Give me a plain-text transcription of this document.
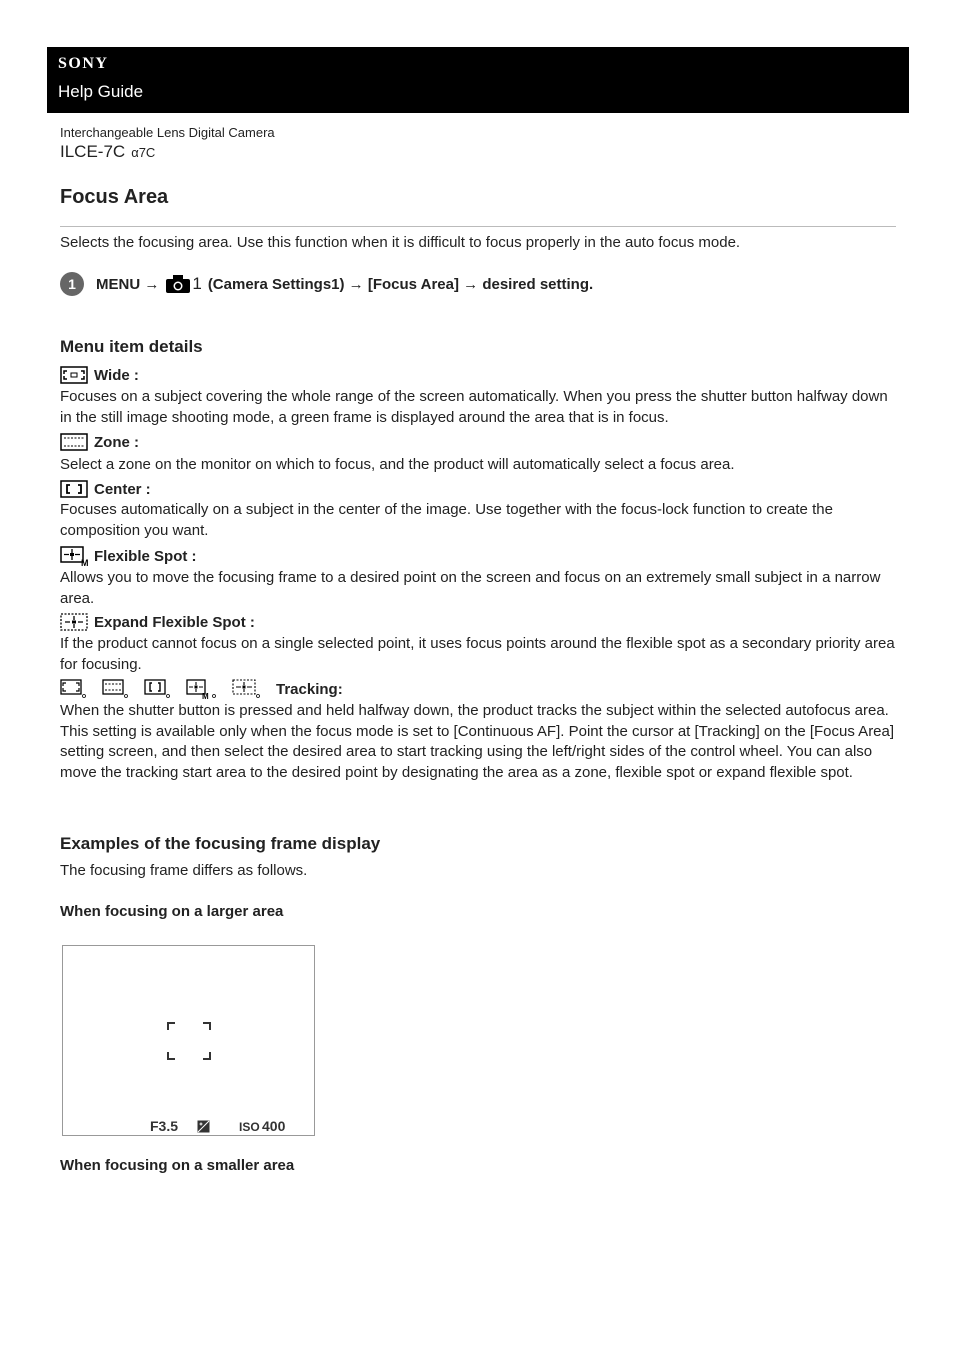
SONY
Help Guide
Interchangeable Lens Digital Camera
ILCE-7C α7C
Focus Area
Selects the focusing area. Use this function when it is difficult to focus properly in the auto focus mode.
1	MENU → 1 (Camera Settings1) → [Focus Area] → desired setting.
Menu item details
Wide :
Focuses on a subject covering the whole range of the screen automatically. When you press the shutter button halfway down in the still image shooting mode, a green frame is displayed around the area that is in focus.
Zone :
Select a zone on the monitor on which to focus, and the product will automatically select a focus area.
Center :
Focuses automatically on a subject in the center of the image. Use together with the focus-lock function to create the composition you want.
M Flexible Spot :
Allows you to move the focusing frame to a desired point on the screen and focus on an extremely small subject in a narrow area.
Expand Flexible Spot :
If the product cannot focus on a single selected point, it uses focus points around the flexible spot as a secondary priority area for focusing.
M	Tracking:
When the shutter button is pressed and held halfway down, the product tracks the subject within the selected autofocus area. This setting is available only when the focus mode is set to [Continuous AF]. Point the cursor at [Tracking] on the [Focus Area] setting screen, and then select the desired area to start tracking using the left/right sides of the control wheel. You can also move the tracking start area to the desired point by designating the area as a zone, flexible spot or expand flexible spot.
Examples of the focusing frame display
The focusing frame differs as follows.
When focusing on a larger area
F3.5	ISO 400
When focusing on a smaller area
